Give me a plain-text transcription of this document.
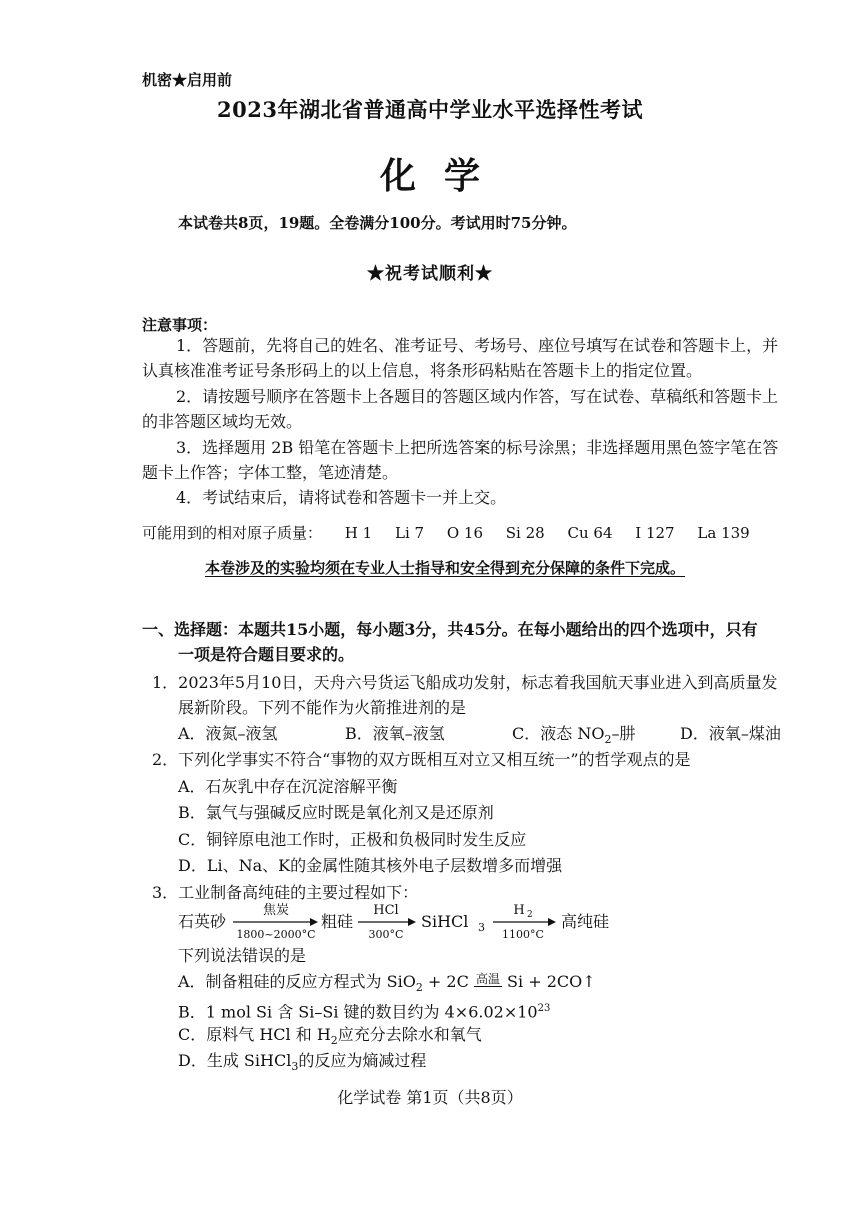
机密★启用前
2023年湖北省普通高中学业水平选择性考试
化学
本试卷共8页，19题。全卷满分100分。考试用时75分钟。
★祝考试顺利★
注意事项：
1．答题前，先将自己的姓名、准考证号、考场号、座位号填写在试卷和答题卡上，并
认真核准准考证号条形码上的以上信息，将条形码粘贴在答题卡上的指定位置。
2．请按题号顺序在答题卡上各题目的答题区域内作答，写在试卷、草稿纸和答题卡上
的非答题区域均无效。
3．选择题用 2B 铅笔在答题卡上把所选答案的标号涂黑；非选择题用黑色签字笔在答
题卡上作答；字体工整，笔迹清楚。
4．考试结束后，请将试卷和答题卡一并上交。
可能用到的相对原子质量： H 1 Li 7 O 16 Si 28 Cu 64 I 127 La 139
本卷涉及的实验均须在专业人士指导和安全得到充分保障的条件下完成。
一、选择题：本题共15小题，每小题3分，共45分。在每小题给出的四个选项中，只有
一项是符合题目要求的。
1．2023年5月10日，天舟六号货运飞船成功发射，标志着我国航天事业进入到高质量发
展新阶段。下列不能作为火箭推进剂的是
A．液氮–液氢	B．液氧–液氢	C．液态 $NO_2-$肼	D．液氧–煤油
2．下列化学事实不符合“事物的双方既相互对立又相互统一”的哲学观点的是
A．石灰乳中存在沉淀溶解平衡
B．氯气与强碱反应时既是氧化剂又是还原剂
C．铜锌原电池工作时，正极和负极同时发生反应
D．Li、Na、K的金属性随其核外电子层数增多而增强
3．工业制备高纯硅的主要过程如下：
石英砂
焦炭
1800~2000°C
粗硅
HCl
300°C
SiHCl 3
H 2
1100°C
高纯硅
下列说法错误的是
A．制备粗硅的反应方程式为 SiO$_2$ + 2C 高温 Si + 2CO↑
B．1 mol Si 含 Si–Si 键的数目约为 $4\times 6.02\times 10^{23}$
C．原料气 HCl 和 $H_2$应充分去除水和氧气
D．生成 SiHCl$_3$的反应为熵减过程
化学试卷 第1页（共8页）
